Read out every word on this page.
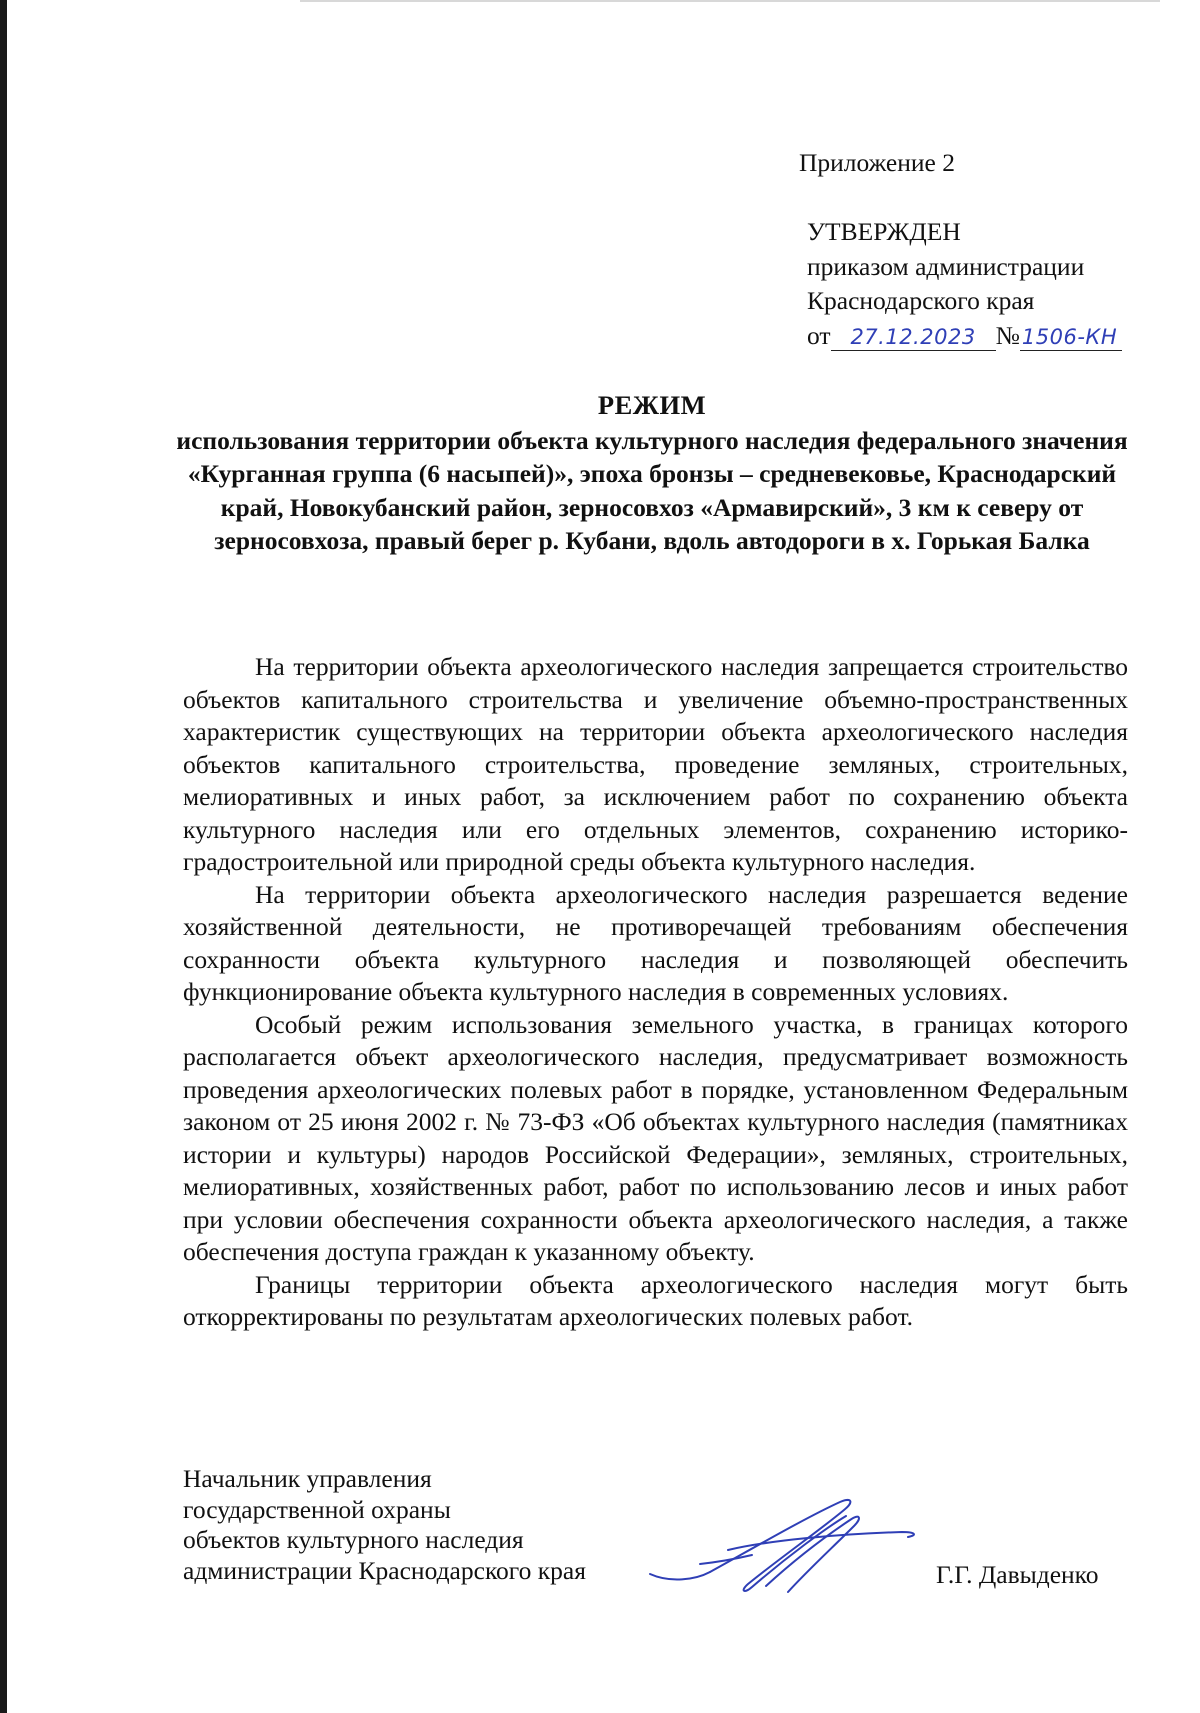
Приложение 2
УТВЕРЖДЕН
приказом администрации
Краснодарского края
от 27.12.2023 №1506-КН
РЕЖИМ
использования территории объекта культурного наследия федерального значения «Курганная группа (6 насыпей)», эпоха бронзы – средневековье, Краснодарский край, Новокубанский район, зерносовхоз «Армавирский», 3 км к северу от зерносовхоза, правый берег р. Кубани, вдоль автодороги в х. Горькая Балка

На территории объекта археологического наследия запрещается строительство объектов капитального строительства и увеличение объемно-пространственных характеристик существующих на территории объекта археологического наследия объектов капитального строительства, проведение земляных, строительных, мелиоративных и иных работ, за исключением работ по сохранению объекта культурного наследия или его отдельных элементов, сохранению историко-градостроительной или природной среды объекта культурного наследия.

На территории объекта археологического наследия разрешается ведение хозяйственной деятельности, не противоречащей требованиям обеспечения сохранности объекта культурного наследия и позволяющей обеспечить функционирование объекта культурного наследия в современных условиях.

Особый режим использования земельного участка, в границах которого располагается объект археологического наследия, предусматривает возможность проведения археологических полевых работ в порядке, установленном Федеральным законом от 25 июня 2002 г. № 73-ФЗ «Об объектах культурного наследия (памятниках истории и культуры) народов Российской Федерации», земляных, строительных, мелиоративных, хозяйственных работ, работ по использованию лесов и иных работ при условии обеспечения сохранности объекта археологического наследия, а также обеспечения доступа граждан к указанному объекту.

Границы территории объекта археологического наследия могут быть откорректированы по результатам археологических полевых работ.

Начальник управления
государственной охраны
объектов культурного наследия
администрации Краснодарского края	Г.Г. Давыденко
